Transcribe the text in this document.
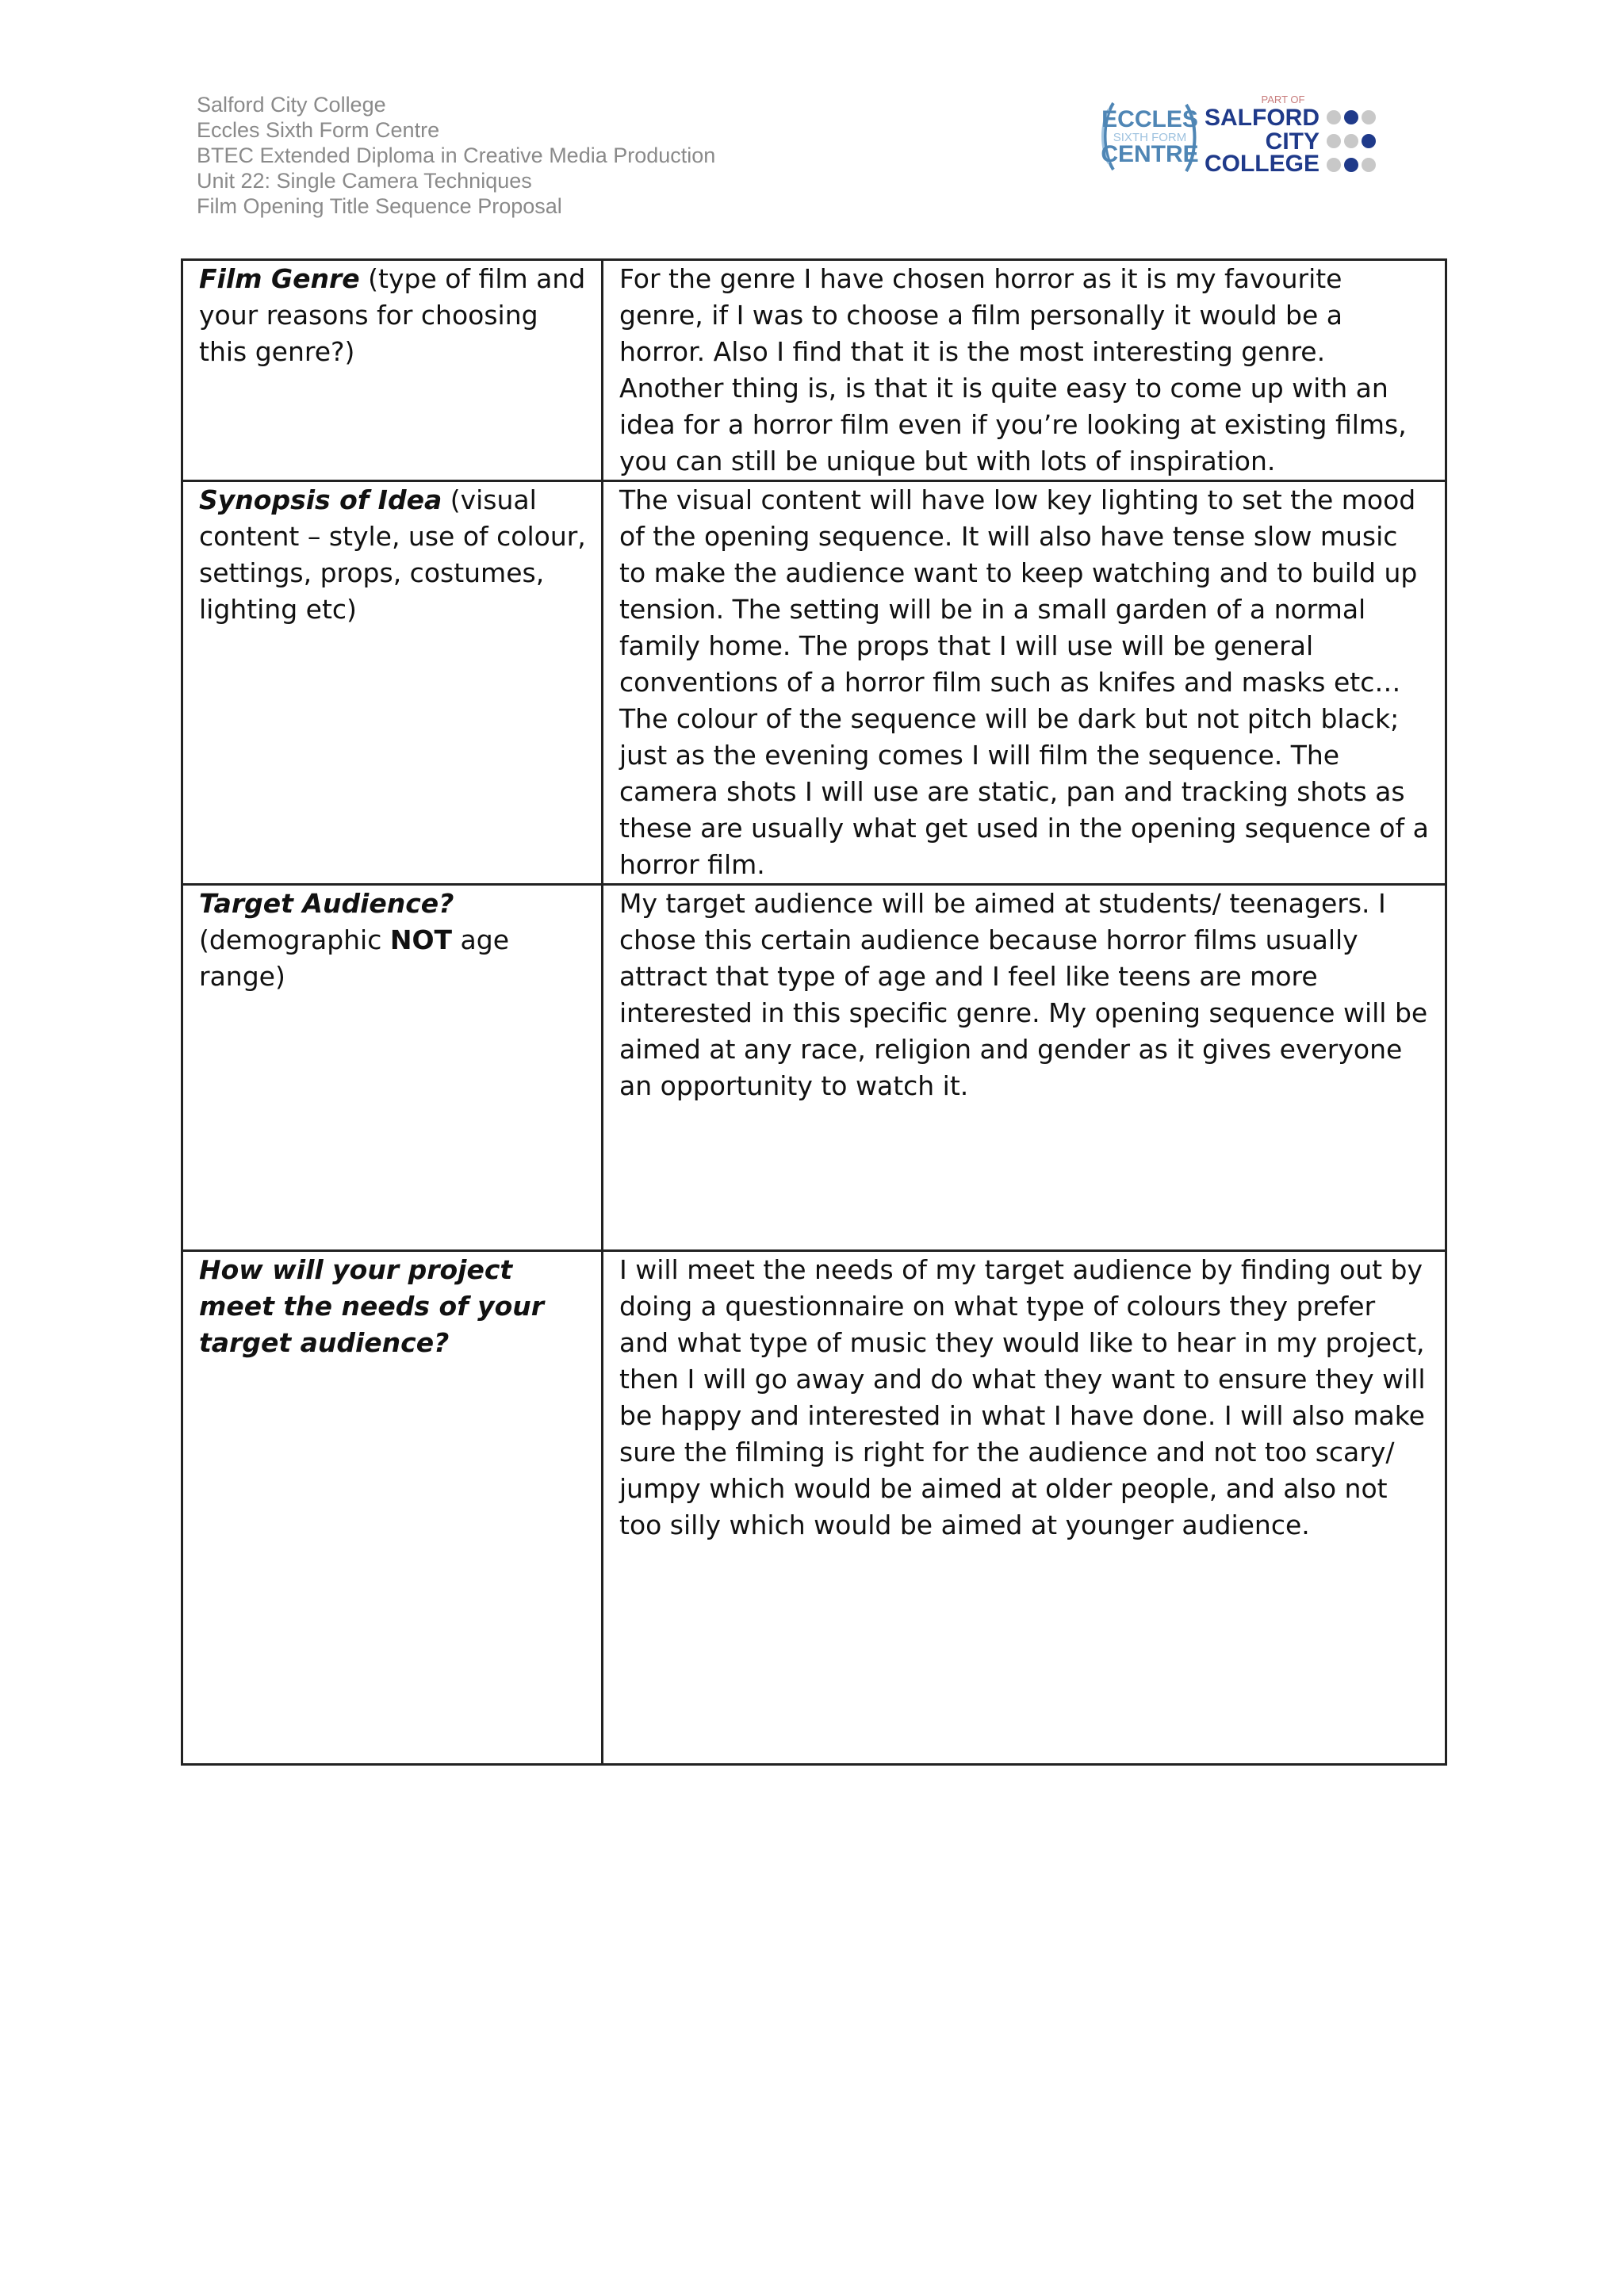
Salford City College
Eccles Sixth Form Centre
BTEC Extended Diploma in Creative Media Production
Unit 22: Single Camera Techniques
Film Opening Title Sequence Proposal
ECCLES
SIXTH FORM
CENTRE
PART OF
SALFORD
CITY
COLLEGE
Film Genre (type of film and your reasons for choosing this genre?)	For the genre I have chosen horror as it is my favourite genre, if I was to choose a film personally it would be a horror. Also I find that it is the most interesting genre. Another thing is, is that it is quite easy to come up with an idea for a horror film even if you’re looking at existing films, you can still be unique but with lots of inspiration.

Synopsis of Idea (visual content – style, use of colour, settings, props, costumes, lighting etc)	The visual content will have low key lighting to set the mood of the opening sequence. It will also have tense slow music to make the audience want to keep watching and to build up tension. The setting will be in a small garden of a normal family home. The props that I will use will be general conventions of a horror film such as knifes and masks etc…
The colour of the sequence will be dark but not pitch black; just as the evening comes I will film the sequence. The camera shots I will use are static, pan and tracking shots as these are usually what get used in the opening sequence of a horror film.

Target Audience?
(demographic NOT age range)	My target audience will be aimed at students/ teenagers. I chose this certain audience because horror films usually attract that type of age and I feel like teens are more interested in this specific genre. My opening sequence will be aimed at any race, religion and gender as it gives everyone an opportunity to watch it.

How will your project meet the needs of your target audience?	I will meet the needs of my target audience by finding out by doing a questionnaire on what type of colours they prefer and what type of music they would like to hear in my project, then I will go away and do what they want to ensure they will be happy and interested in what I have done. I will also make sure the filming is right for the audience and not too scary/ jumpy which would be aimed at older people, and also not too silly which would be aimed at younger audience.
